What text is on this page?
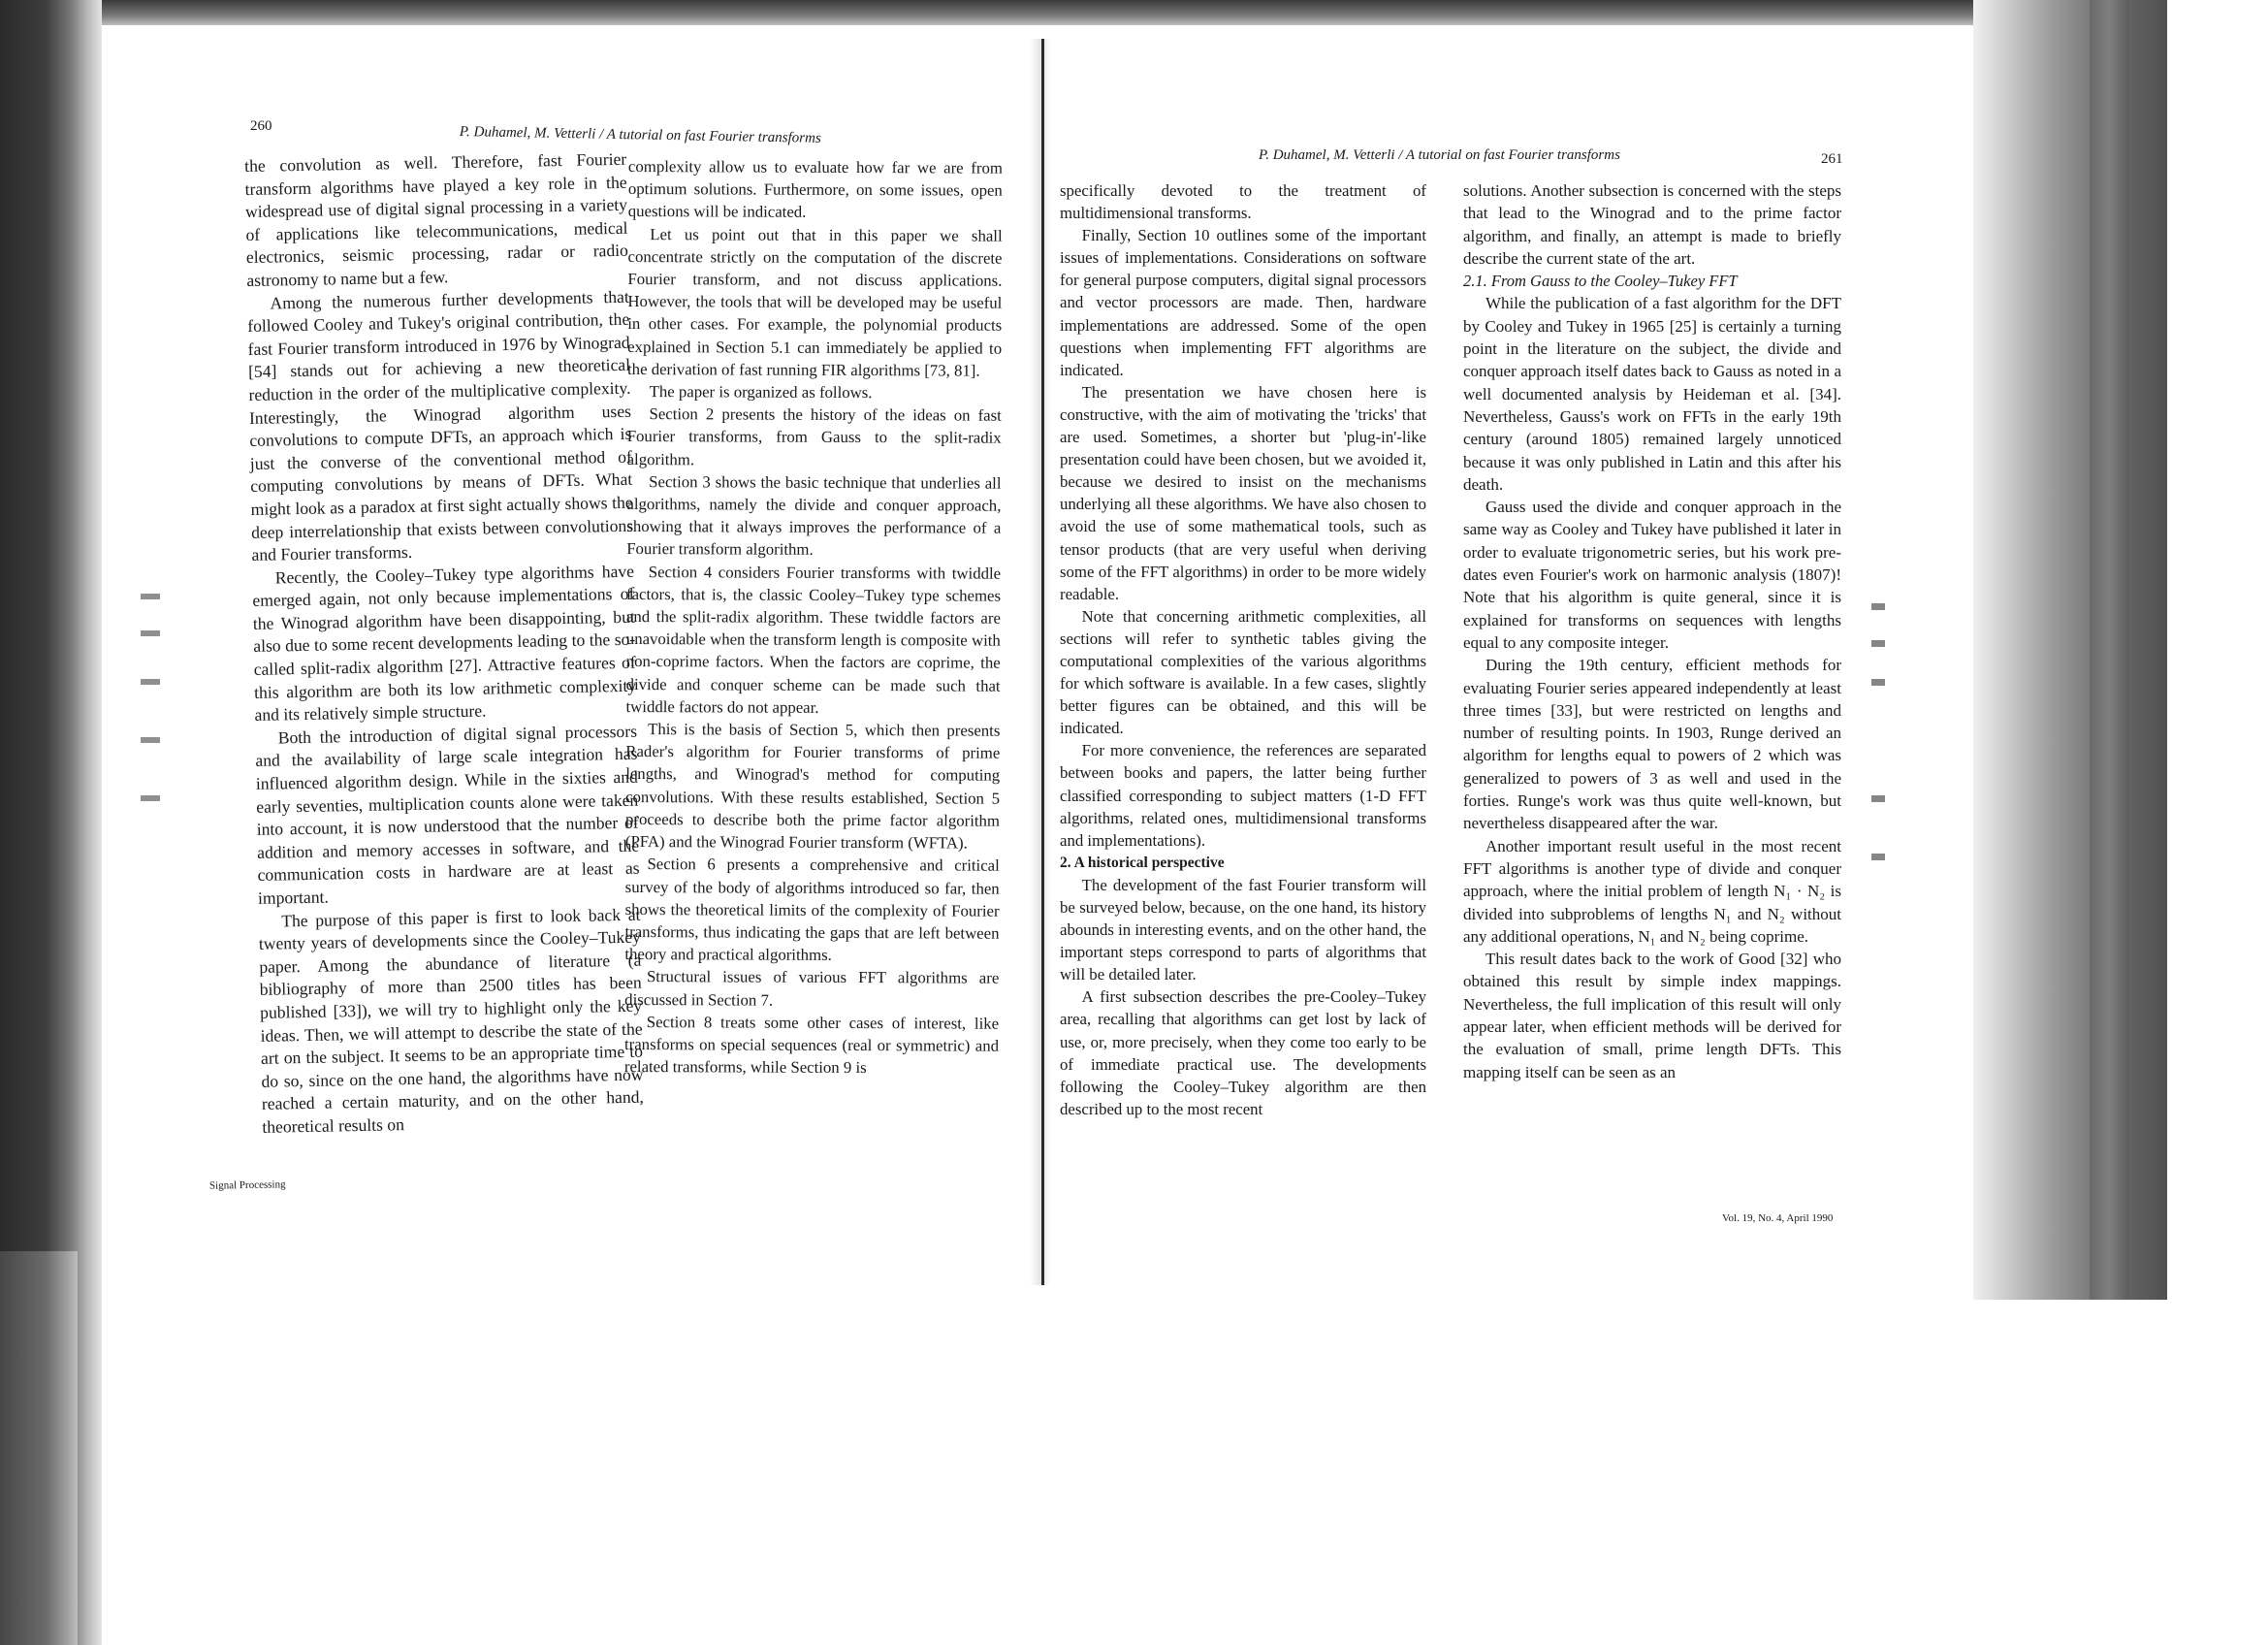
260	P. Duhamel, M. Vetterli / A tutorial on fast Fourier transforms

the convolution as well. Therefore, fast Fourier transform algorithms have played a key role in the widespread use of digital signal processing in a variety of applications like telecommunications, medical electronics, seismic processing, radar or radio astronomy to name but a few.

Among the numerous further developments that followed Cooley and Tukey's original contribution, the fast Fourier transform introduced in 1976 by Winograd [54] stands out for achieving a new theoretical reduction in the order of the multiplicative complexity. Interestingly, the Winograd algorithm uses convolutions to compute DFTs, an approach which is just the converse of the conventional method of computing convolutions by means of DFTs. What might look as a paradox at first sight actually shows the deep interrelationship that exists between convolutions and Fourier transforms.

Recently, the Cooley–Tukey type algorithms have emerged again, not only because implementations of the Winograd algorithm have been disappointing, but also due to some recent developments leading to the so-called split-radix algorithm [27]. Attractive features of this algorithm are both its low arithmetic complexity and its relatively simple structure.

Both the introduction of digital signal processors and the availability of large scale integration has influenced algorithm design. While in the sixties and early seventies, multiplication counts alone were taken into account, it is now understood that the number of addition and memory accesses in software, and the communication costs in hardware are at least as important.

The purpose of this paper is first to look back at twenty years of developments since the Cooley–Tukey paper. Among the abundance of literature (a bibliography of more than 2500 titles has been published [33]), we will try to highlight only the key ideas. Then, we will attempt to describe the state of the art on the subject. It seems to be an appropriate time to do so, since on the one hand, the algorithms have now reached a certain maturity, and on the other hand, theoretical results on

complexity allow us to evaluate how far we are from optimum solutions. Furthermore, on some issues, open questions will be indicated.

Let us point out that in this paper we shall concentrate strictly on the computation of the discrete Fourier transform, and not discuss applications. However, the tools that will be developed may be useful in other cases. For example, the polynomial products explained in Section 5.1 can immediately be applied to the derivation of fast running FIR algorithms [73, 81].

The paper is organized as follows.

Section 2 presents the history of the ideas on fast Fourier transforms, from Gauss to the split-radix algorithm.

Section 3 shows the basic technique that underlies all algorithms, namely the divide and conquer approach, showing that it always improves the performance of a Fourier transform algorithm.

Section 4 considers Fourier transforms with twiddle factors, that is, the classic Cooley–Tukey type schemes and the split-radix algorithm. These twiddle factors are unavoidable when the transform length is composite with non-coprime factors. When the factors are coprime, the divide and conquer scheme can be made such that twiddle factors do not appear.

This is the basis of Section 5, which then presents Rader's algorithm for Fourier transforms of prime lengths, and Winograd's method for computing convolutions. With these results established, Section 5 proceeds to describe both the prime factor algorithm (PFA) and the Winograd Fourier transform (WFTA).

Section 6 presents a comprehensive and critical survey of the body of algorithms introduced so far, then shows the theoretical limits of the complexity of Fourier transforms, thus indicating the gaps that are left between theory and practical algorithms.

Structural issues of various FFT algorithms are discussed in Section 7.

Section 8 treats some other cases of interest, like transforms on special sequences (real or symmetric) and related transforms, while Section 9 is

Signal Processing
P. Duhamel, M. Vetterli / A tutorial on fast Fourier transforms	261

specifically devoted to the treatment of multidimensional transforms.

Finally, Section 10 outlines some of the important issues of implementations. Considerations on software for general purpose computers, digital signal processors and vector processors are made. Then, hardware implementations are addressed. Some of the open questions when implementing FFT algorithms are indicated.

The presentation we have chosen here is constructive, with the aim of motivating the 'tricks' that are used. Sometimes, a shorter but 'plug-in'-like presentation could have been chosen, but we avoided it, because we desired to insist on the mechanisms underlying all these algorithms. We have also chosen to avoid the use of some mathematical tools, such as tensor products (that are very useful when deriving some of the FFT algorithms) in order to be more widely readable.

Note that concerning arithmetic complexities, all sections will refer to synthetic tables giving the computational complexities of the various algorithms for which software is available. In a few cases, slightly better figures can be obtained, and this will be indicated.

For more convenience, the references are separated between books and papers, the latter being further classified corresponding to subject matters (1-D FFT algorithms, related ones, multidimensional transforms and implementations).

2. A historical perspective

The development of the fast Fourier transform will be surveyed below, because, on the one hand, its history abounds in interesting events, and on the other hand, the important steps correspond to parts of algorithms that will be detailed later.

A first subsection describes the pre-Cooley–Tukey area, recalling that algorithms can get lost by lack of use, or, more precisely, when they come too early to be of immediate practical use. The developments following the Cooley–Tukey algorithm are then described up to the most recent

solutions. Another subsection is concerned with the steps that lead to the Winograd and to the prime factor algorithm, and finally, an attempt is made to briefly describe the current state of the art.

2.1. From Gauss to the Cooley–Tukey FFT

While the publication of a fast algorithm for the DFT by Cooley and Tukey in 1965 [25] is certainly a turning point in the literature on the subject, the divide and conquer approach itself dates back to Gauss as noted in a well documented analysis by Heideman et al. [34]. Nevertheless, Gauss's work on FFTs in the early 19th century (around 1805) remained largely unnoticed because it was only published in Latin and this after his death.

Gauss used the divide and conquer approach in the same way as Cooley and Tukey have published it later in order to evaluate trigonometric series, but his work pre-dates even Fourier's work on harmonic analysis (1807)! Note that his algorithm is quite general, since it is explained for transforms on sequences with lengths equal to any composite integer.

During the 19th century, efficient methods for evaluating Fourier series appeared independently at least three times [33], but were restricted on lengths and number of resulting points. In 1903, Runge derived an algorithm for lengths equal to powers of 2 which was generalized to powers of 3 as well and used in the forties. Runge's work was thus quite well-known, but nevertheless disappeared after the war.

Another important result useful in the most recent FFT algorithms is another type of divide and conquer approach, where the initial problem of length N₁ · N₂ is divided into subproblems of lengths N₁ and N₂ without any additional operations, N₁ and N₂ being coprime.

This result dates back to the work of Good [32] who obtained this result by simple index mappings. Nevertheless, the full implication of this result will only appear later, when efficient methods will be derived for the evaluation of small, prime length DFTs. This mapping itself can be seen as an

Vol. 19, No. 4, April 1990
